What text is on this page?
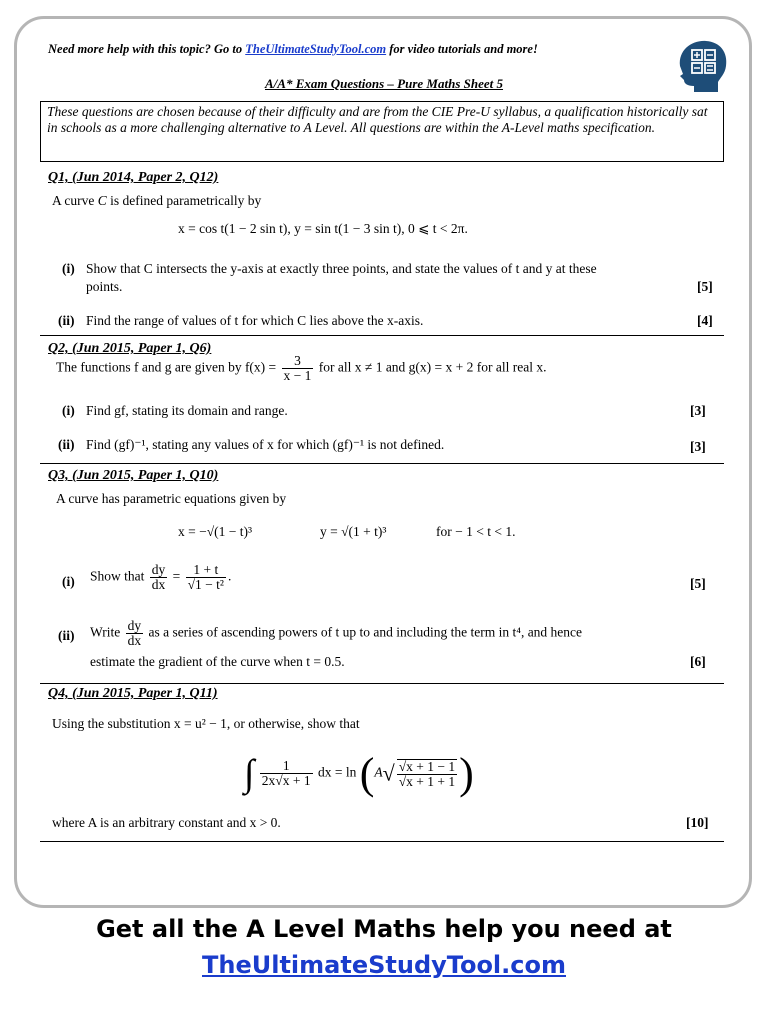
Need more help with this topic? Go to TheUltimateStudyTool.com for video tutorials and more!
A/A* Exam Questions – Pure Maths Sheet 5
These questions are chosen because of their difficulty and are from the CIE Pre-U syllabus, a qualification historically sat in schools as a more challenging alternative to A Level. All questions are within the A-Level maths specification.
Q1, (Jun 2014, Paper 2, Q12)
A curve C is defined parametrically by
x = cos t(1 − 2 sin t), y = sin t(1 − 3 sin t), 0 ⩽ t < 2π.
(i) Show that C intersects the y-axis at exactly three points, and state the values of t and y at these
points.	[5]
(ii) Find the range of values of t for which C lies above the x-axis.	[4]
Q2, (Jun 2015, Paper 1, Q6)
The functions f and g are given by $f(x) = \frac{3}{x - 1}$ for all x ≠ 1 and g(x) = x + 2 for all real x.
(i) Find gf, stating its domain and range.	[3]
(ii) Find (gf)⁻¹, stating any values of x for which (gf)⁻¹ is not defined.	[3]
Q3, (Jun 2015, Paper 1, Q10)
A curve has parametric equations given by
x = −√(1 − t)³	y = √(1 + t)³	for − 1 < t < 1.
(i) Show that $\frac{dy}{dx} = \frac{1 + t}{\text{√1 − t²}}$ .	[5]
(ii) Write $\frac{dy}{dx}$ as a series of ascending powers of t up to and including the term in t⁴, and hence
estimate the gradient of the curve when t = 0.5.	[6]
Q4, (Jun 2015, Paper 1, Q11)
Using the substitution x = u² − 1, or otherwise, show that
∫ $\frac{1}{2x√x + 1}$ dx = $\ln (A√ \frac{√x + 1 - 1}{√x + 1 + 1}$ )
where A is an arbitrary constant and x > 0.	[10]
Get all the A Level Maths help you need at
TheUltimateStudyTool.com
